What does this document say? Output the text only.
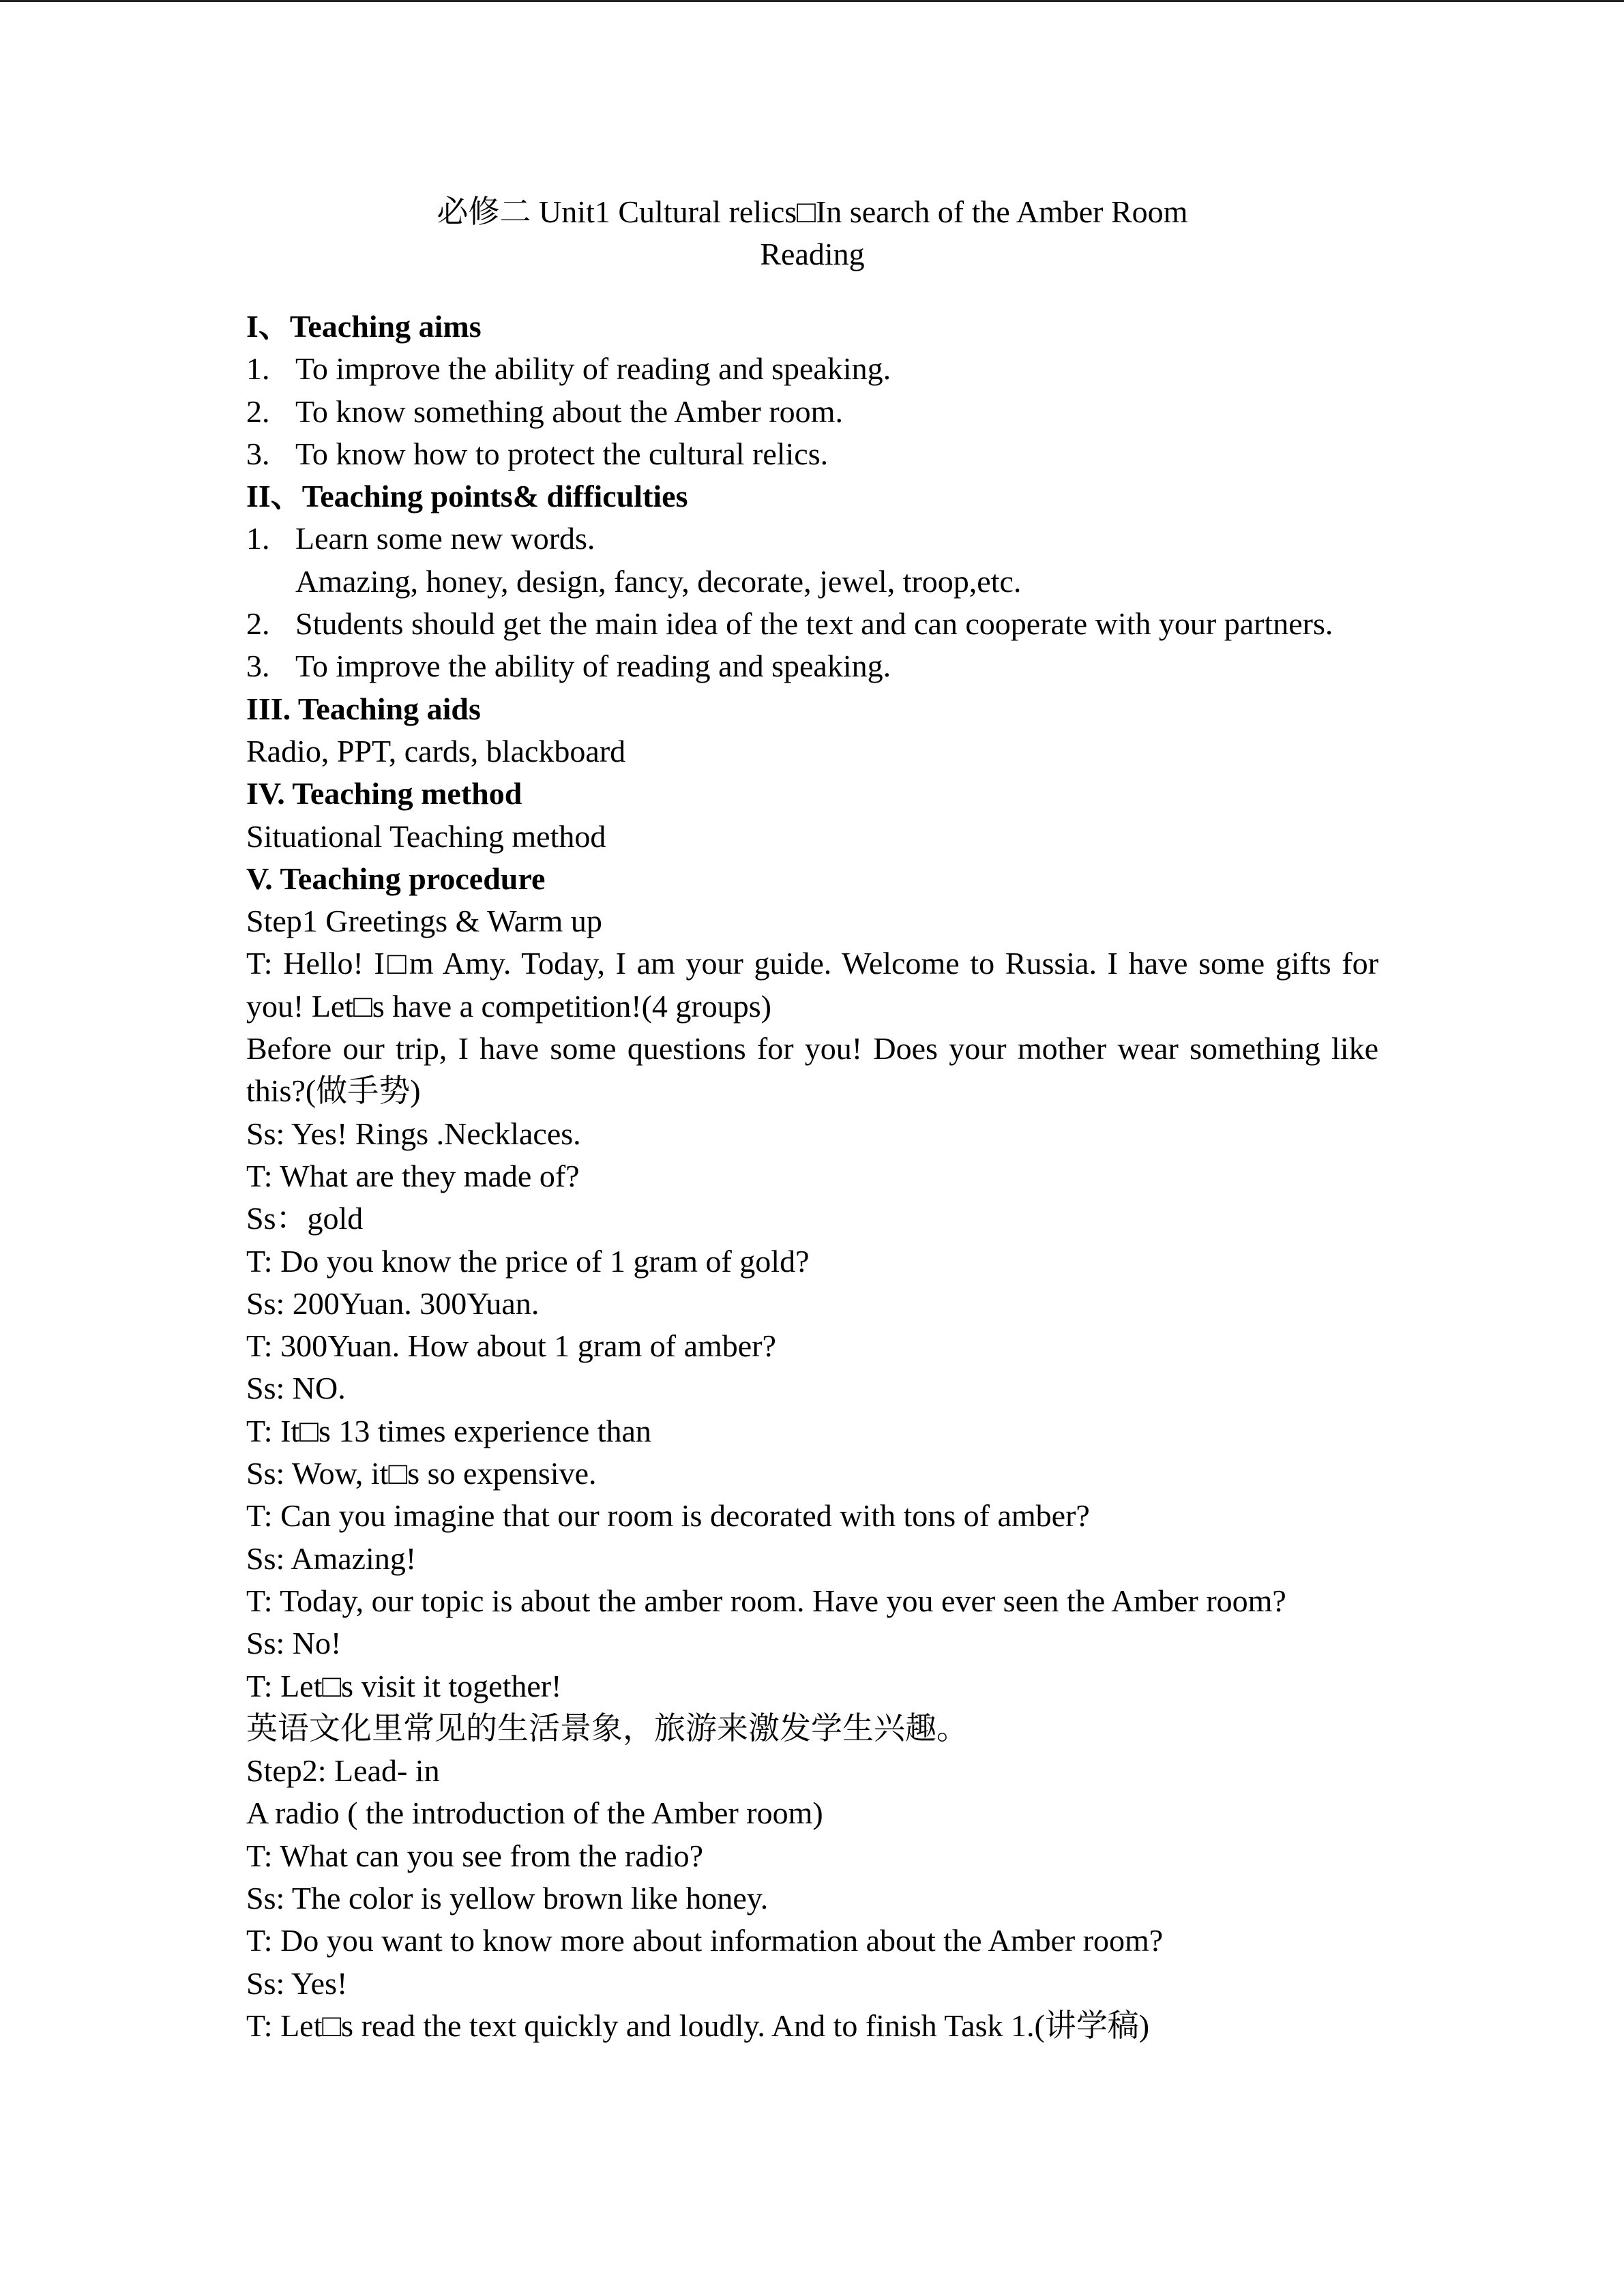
必修二 Unit1 Cultural relics□In search of the Amber Room
Reading
I、Teaching aims
1. To improve the ability of reading and speaking.
2. To know something about the Amber room.
3. To know how to protect the cultural relics.
II、Teaching points& difficulties
1. Learn some new words.
Amazing, honey, design, fancy, decorate, jewel, troop,etc.
2. Students should get the main idea of the text and can cooperate with your partners.
3. To improve the ability of reading and speaking.
III. Teaching aids
Radio, PPT, cards, blackboard
IV. Teaching method
Situational Teaching method
V. Teaching procedure
Step1 Greetings & Warm up
T: Hello! I□m Amy. Today, I am your guide. Welcome to Russia. I have some gifts for you! Let□s have a competition!(4 groups)
Before our trip, I have some questions for you! Does your mother wear something like this?(做手势)
Ss: Yes! Rings .Necklaces.
T: What are they made of?
Ss：gold
T: Do you know the price of 1 gram of gold?
Ss: 200Yuan. 300Yuan.
T: 300Yuan. How about 1 gram of amber?
Ss: NO.
T: It□s 13 times experience than
Ss: Wow, it□s so expensive.
T: Can you imagine that our room is decorated with tons of amber?
Ss: Amazing!
T: Today, our topic is about the amber room. Have you ever seen the Amber room?
Ss: No!
T: Let□s visit it together!
英语文化里常见的生活景象，旅游来激发学生兴趣。
Step2: Lead- in
A radio ( the introduction of the Amber room)
T: What can you see from the radio?
Ss: The color is yellow brown like honey.
T: Do you want to know more about information about the Amber room?
Ss: Yes!
T: Let□s read the text quickly and loudly. And to finish Task 1.(讲学稿)
